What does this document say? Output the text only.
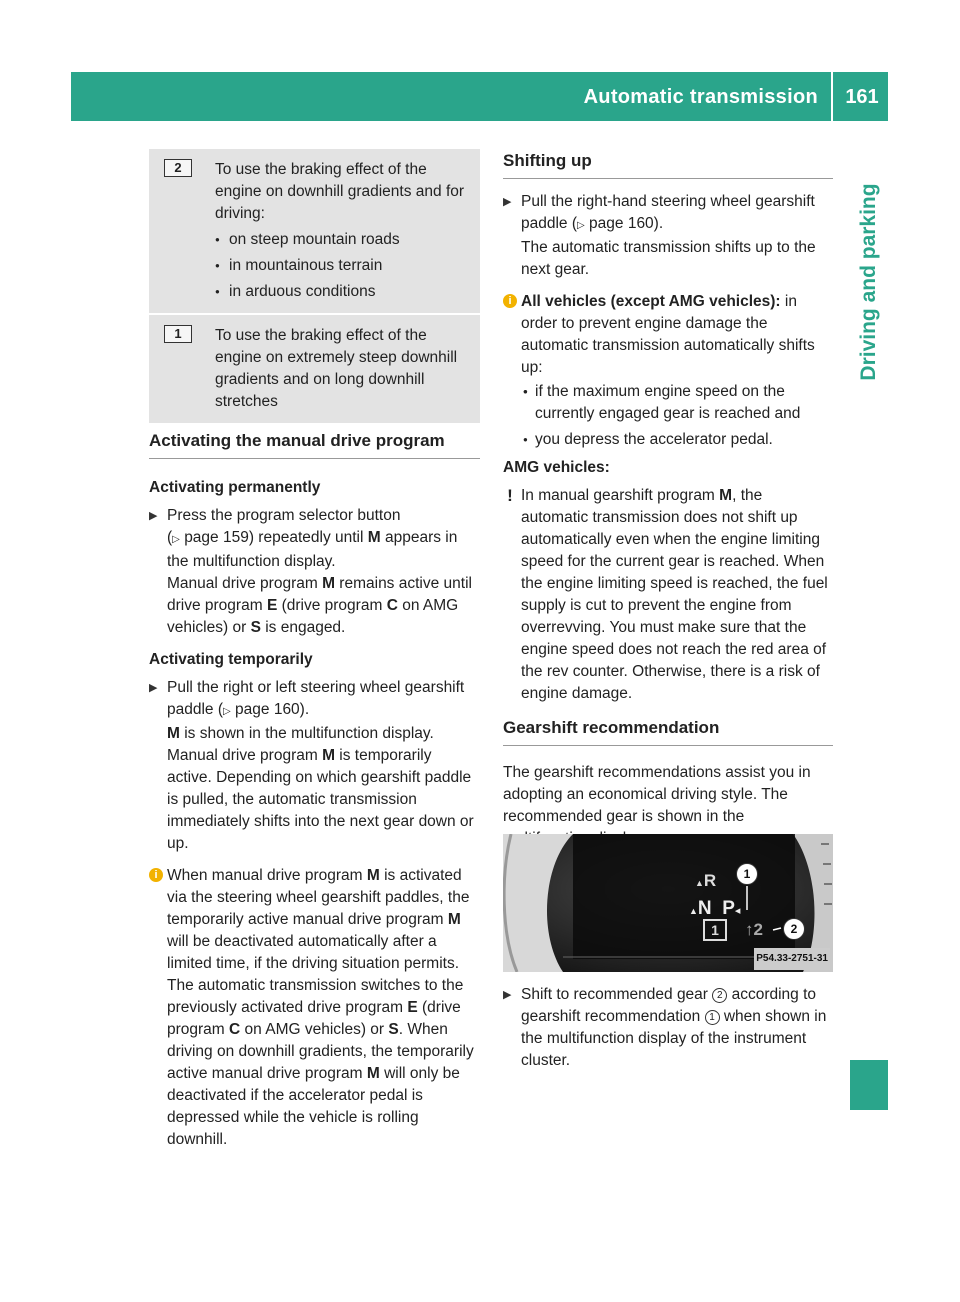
Automatic transmission 161
Driving and parking
2	To use the braking effect of the engine on downhill gradients and for driving:

● on steep mountain roads
● in mountainous terrain
● in arduous conditions
1	To use the braking effect of the engine on extremely steep downhill gradients and on long downhill stretches

Activating the manual drive program
Activating permanently
▶ Press the program selector button
(▷ page 159) repeatedly until M appears in the multifunction display.
Manual drive program M remains active until drive program E (drive program C on AMG vehicles) or S is engaged.
Activating temporarily
▶ Pull the right or left steering wheel gearshift paddle (▷ page 160).
M is shown in the multifunction display.
Manual drive program M is temporarily active. Depending on which gearshift paddle is pulled, the automatic transmission immediately shifts into the next gear down or up.
i When manual drive program M is activated via the steering wheel gearshift paddles, the temporarily active manual drive program M will be deactivated automatically after a limited time, if the driving situation permits. The automatic transmission switches to the previously activated drive program E (drive program C on AMG vehicles) or S. When driving on downhill gradients, the temporarily active manual drive program M will only be deactivated if the accelerator pedal is depressed while the vehicle is rolling downhill.
Shifting up
▶ Pull the right-hand steering wheel gearshift paddle (▷ page 160).
The automatic transmission shifts up to the next gear.
i All vehicles (except AMG vehicles): in order to prevent engine damage the automatic transmission automatically shifts up:
● ● if the maximum engine speed on the currently engaged gear is reached and
● you depress the accelerator pedal.

AMG vehicles:

! In manual gearshift program M, the automatic transmission does not shift up automatically even when the engine limiting speed for the current gear is reached. When the engine limiting speed is reached, the fuel supply is cut to prevent the engine from overrevving. You must make sure that the engine speed does not reach the red area of the rev counter. Otherwise, there is a risk of engine damage.
Gearshift recommendation

The gearshift recommendations assist you in adopting an economical driving style. The recommended gear is shown in the

▲R
▲N P◂
1	↑2
1
2
P54.33-2751-31
▶ Shift to recommended gear 2 according to gearshift recommendation 1 when shown in the multifunction display of the instrument cluster.
